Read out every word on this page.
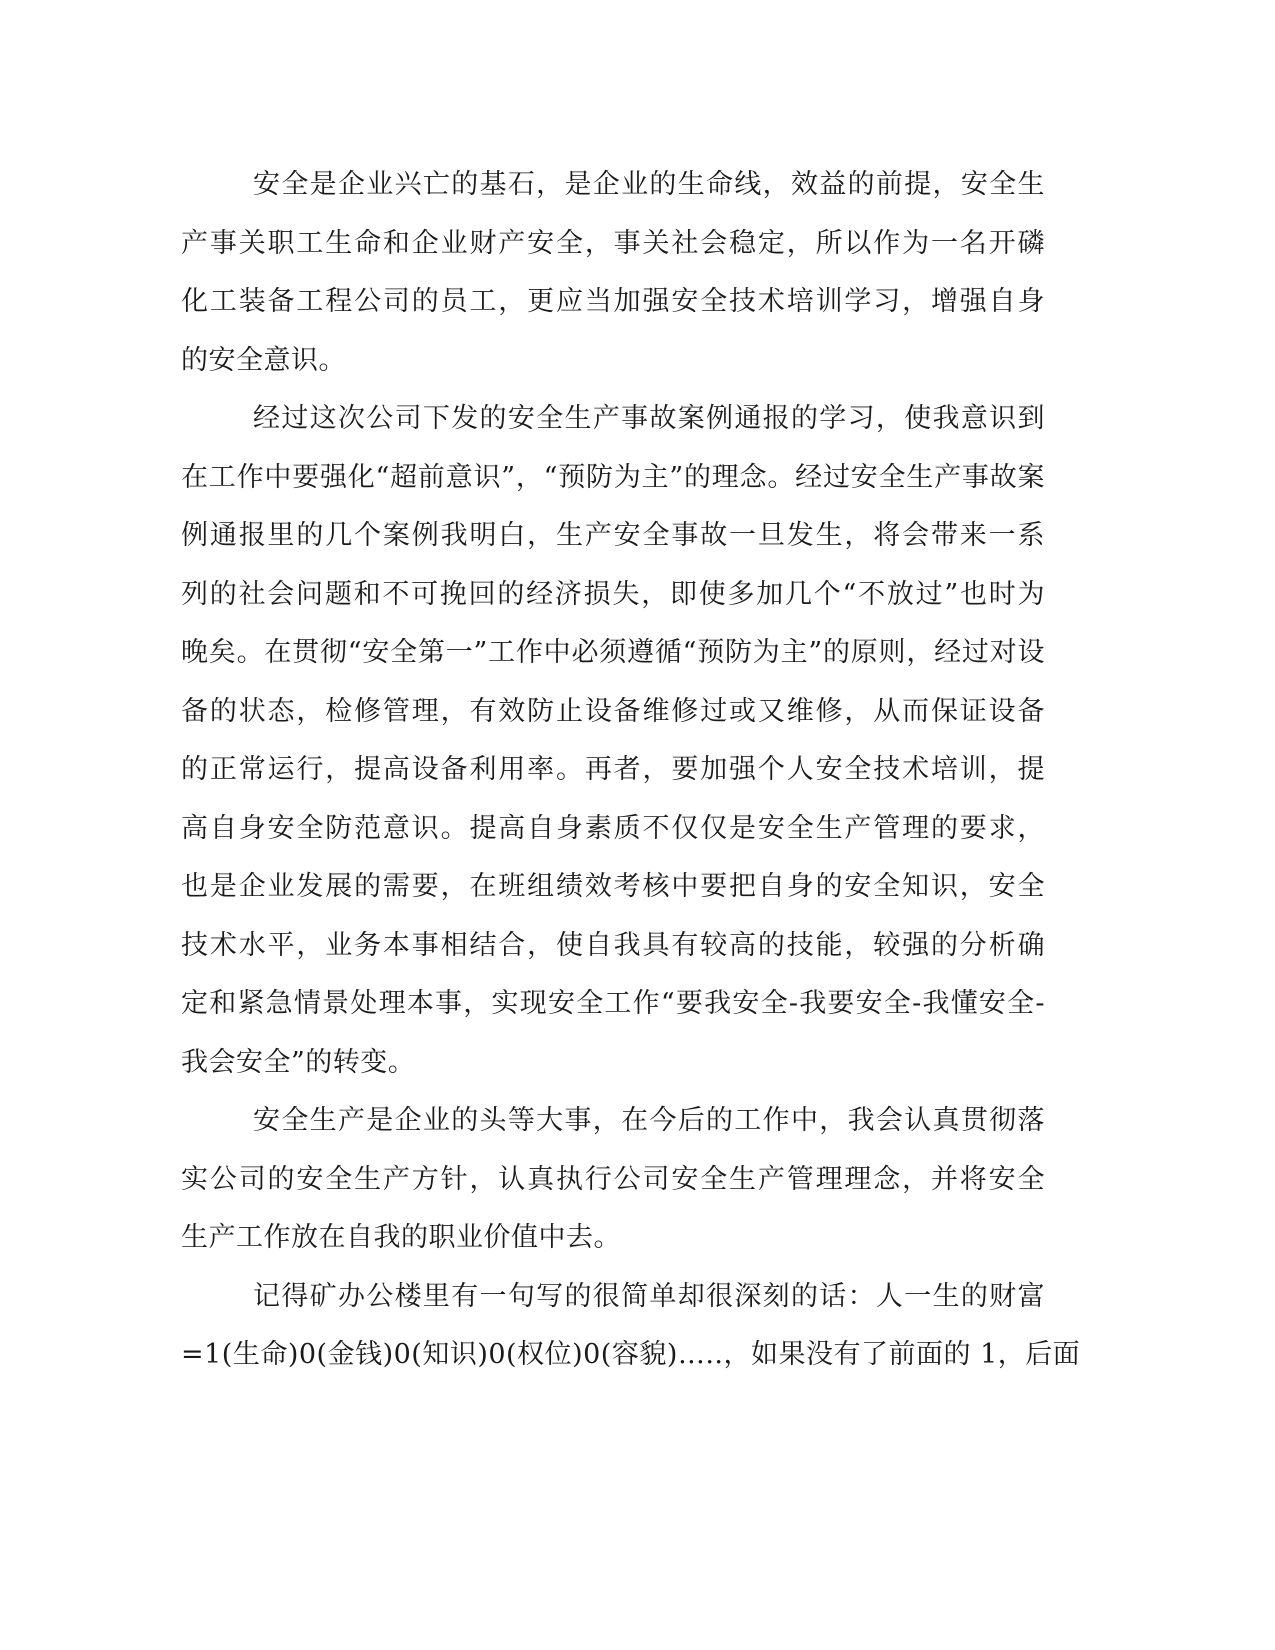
安全是企业兴亡的基石，是企业的生命线，效益的前提，安全生
产事关职工生命和企业财产安全，事关社会稳定，所以作为一名开磷
化工装备工程公司的员工，更应当加强安全技术培训学习，增强自身
的安全意识。
经过这次公司下发的安全生产事故案例通报的学习，使我意识到
在工作中要强化“超前意识”，“预防为主”的理念。经过安全生产事故案
例通报里的几个案例我明白，生产安全事故一旦发生，将会带来一系
列的社会问题和不可挽回的经济损失，即使多加几个“不放过”也时为
晚矣。在贯彻“安全第一”工作中必须遵循“预防为主”的原则，经过对设
备的状态，检修管理，有效防止设备维修过或又维修，从而保证设备
的正常运行，提高设备利用率。再者，要加强个人安全技术培训，提
高自身安全防范意识。提高自身素质不仅仅是安全生产管理的要求，
也是企业发展的需要，在班组绩效考核中要把自身的安全知识，安全
技术水平，业务本事相结合，使自我具有较高的技能，较强的分析确
定和紧急情景处理本事，实现安全工作“要我安全-我要安全-我懂安全-
我会安全”的转变。
安全生产是企业的头等大事，在今后的工作中，我会认真贯彻落
实公司的安全生产方针，认真执行公司安全生产管理理念，并将安全
生产工作放在自我的职业价值中去。
记得矿办公楼里有一句写的很简单却很深刻的话：人一生的财富
=1(生命)0(金钱)0(知识)0(权位)0(容貌)…..，如果没有了前面的 1，后面
